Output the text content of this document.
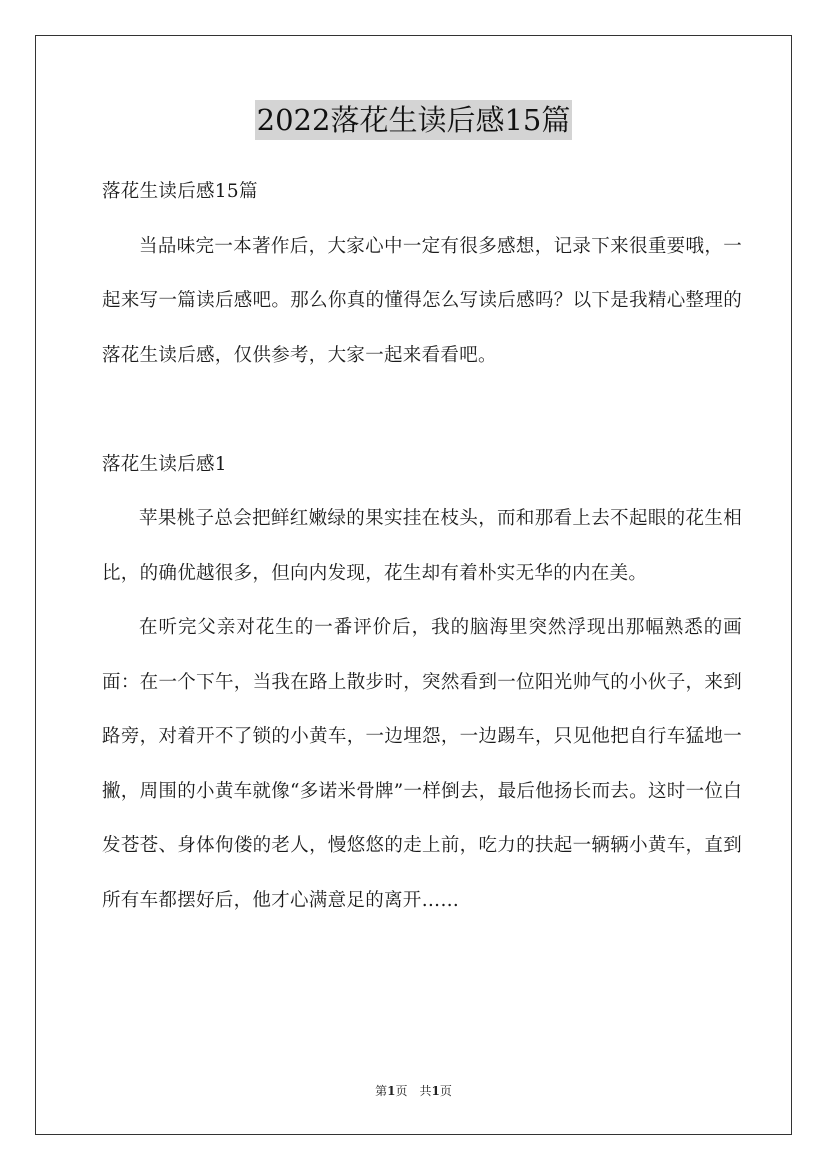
2022落花生读后感15篇

落花生读后感15篇

当品味完一本著作后，大家心中一定有很多感想，记录下来很重要哦，一起来写一篇读后感吧。那么你真的懂得怎么写读后感吗？以下是我精心整理的落花生读后感，仅供参考，大家一起来看看吧。

落花生读后感1

苹果桃子总会把鲜红嫩绿的果实挂在枝头，而和那看上去不起眼的花生相比，的确优越很多，但向内发现，花生却有着朴实无华的内在美。

在听完父亲对花生的一番评价后，我的脑海里突然浮现出那幅熟悉的画面：在一个下午，当我在路上散步时，突然看到一位阳光帅气的小伙子，来到路旁，对着开不了锁的小黄车，一边埋怨，一边踢车，只见他把自行车猛地一撇，周围的小黄车就像“多诺米骨牌”一样倒去，最后他扬长而去。这时一位白发苍苍、身体佝偻的老人，慢悠悠的走上前，吃力的扶起一辆辆小黄车，直到所有车都摆好后，他才心满意足的离开……

第1页　共1页
